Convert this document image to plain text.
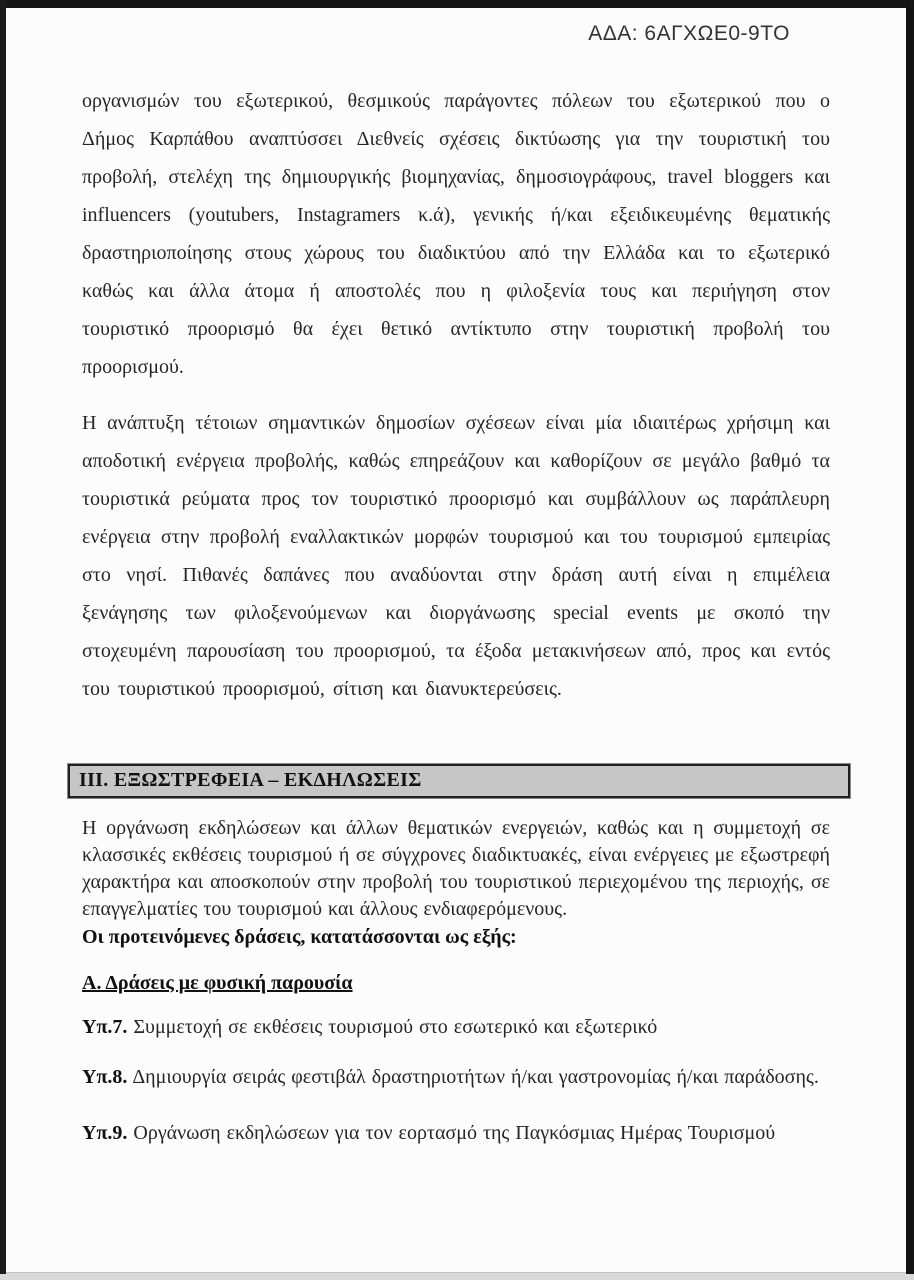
ΑΔΑ: 6ΑΓΧΩΕ0-9ΤΟ

οργανισμών του εξωτερικού, θεσμικούς παράγοντες πόλεων του εξωτερικού που ο Δήμος Καρπάθου αναπτύσσει Διεθνείς σχέσεις δικτύωσης για την τουριστική του προβολή, στελέχη της δημιουργικής βιομηχανίας, δημοσιογράφους, travel bloggers και influencers (youtubers, Instagramers κ.ά), γενικής ή/και εξειδικευμένης θεματικής δραστηριοποίησης στους χώρους του διαδικτύου από την Ελλάδα και το εξωτερικό καθώς και άλλα άτομα ή αποστολές που η φιλοξενία τους και περιήγηση στον τουριστικό προορισμό θα έχει θετικό αντίκτυπο στην τουριστική προβολή του προορισμού.

Η ανάπτυξη τέτοιων σημαντικών δημοσίων σχέσεων είναι μία ιδιαιτέρως χρήσιμη και αποδοτική ενέργεια προβολής, καθώς επηρεάζουν και καθορίζουν σε μεγάλο βαθμό τα τουριστικά ρεύματα προς τον τουριστικό προορισμό και συμβάλλουν ως παράπλευρη ενέργεια στην προβολή εναλλακτικών μορφών τουρισμού και του τουρισμού εμπειρίας στο νησί. Πιθανές δαπάνες που αναδύονται στην δράση αυτή είναι η επιμέλεια ξενάγησης των φιλοξενούμενων και διοργάνωσης special events με σκοπό την στοχευμένη παρουσίαση του προορισμού, τα έξοδα μετακινήσεων από, προς και εντός του τουριστικού προορισμού, σίτιση και διανυκτερεύσεις.

ΙΙΙ. ΕΞΩΣΤΡΕΦΕΙΑ – ΕΚΔΗΛΩΣΕΙΣ

Η οργάνωση εκδηλώσεων και άλλων θεματικών ενεργειών, καθώς και η συμμετοχή σε κλασσικές εκθέσεις τουρισμού ή σε σύγχρονες διαδικτυακές, είναι ενέργειες με εξωστρεφή χαρακτήρα και αποσκοπούν στην προβολή του τουριστικού περιεχομένου της περιοχής, σε επαγγελματίες του τουρισμού και άλλους ενδιαφερόμενους.

Οι προτεινόμενες δράσεις, κατατάσσονται ως εξής:

Α. Δράσεις με φυσική παρουσία

Υπ.7. Συμμετοχή σε εκθέσεις τουρισμού στο εσωτερικό και εξωτερικό

Υπ.8. Δημιουργία σειράς φεστιβάλ δραστηριοτήτων ή/και γαστρονομίας ή/και παράδοσης.

Υπ.9. Οργάνωση εκδηλώσεων για τον εορτασμό της Παγκόσμιας Ημέρας Τουρισμού
